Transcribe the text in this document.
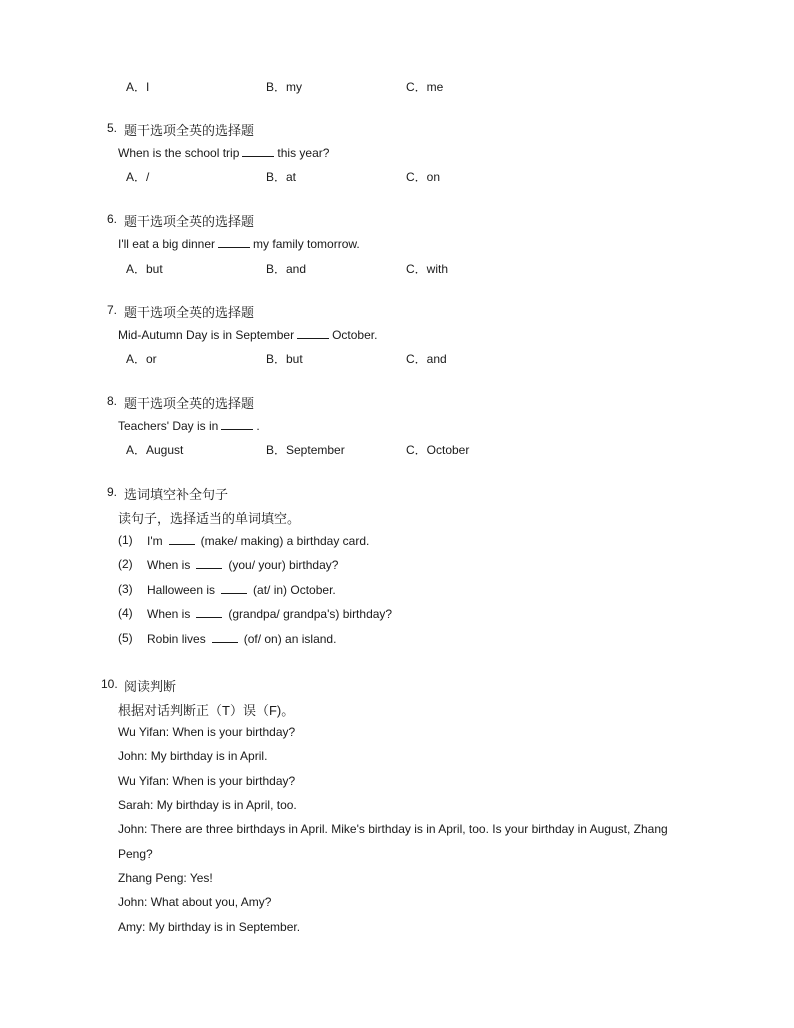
A．I	B．my	C．me
5. 题干选项全英的选择题
When is the school trip	this year?
A．/	B．at	C．on
6. 题干选项全英的选择题
I'll eat a big dinner	my family tomorrow.
A．but	B．and	C．with
7. 题干选项全英的选择题
Mid-Autumn Day is in September	October.
A．or	B．but	C．and
8. 题干选项全英的选择题
Teachers' Day is in	.
A．August	B．September	C．October
9. 选词填空补全句子
读句子，选择适当的单词填空。
(1) I'm	(make/ making) a birthday card.
(2) When is	(you/ your) birthday?
(3) Halloween is	(at/ in) October.
(4) When is	(grandpa/ grandpa's) birthday?
(5) Robin lives	(of/ on) an island.
10. 阅读判断
根据对话判断正（T）误（F)。
Wu Yifan: When is your birthday?
John: My birthday is in April.
Wu Yifan: When is your birthday?
Sarah: My birthday is in April, too.
John: There are three birthdays in April. Mike's birthday is in April, too. Is your birthday in August, Zhang
Peng?
Zhang Peng: Yes!
John: What about you, Amy?
Amy: My birthday is in September.
